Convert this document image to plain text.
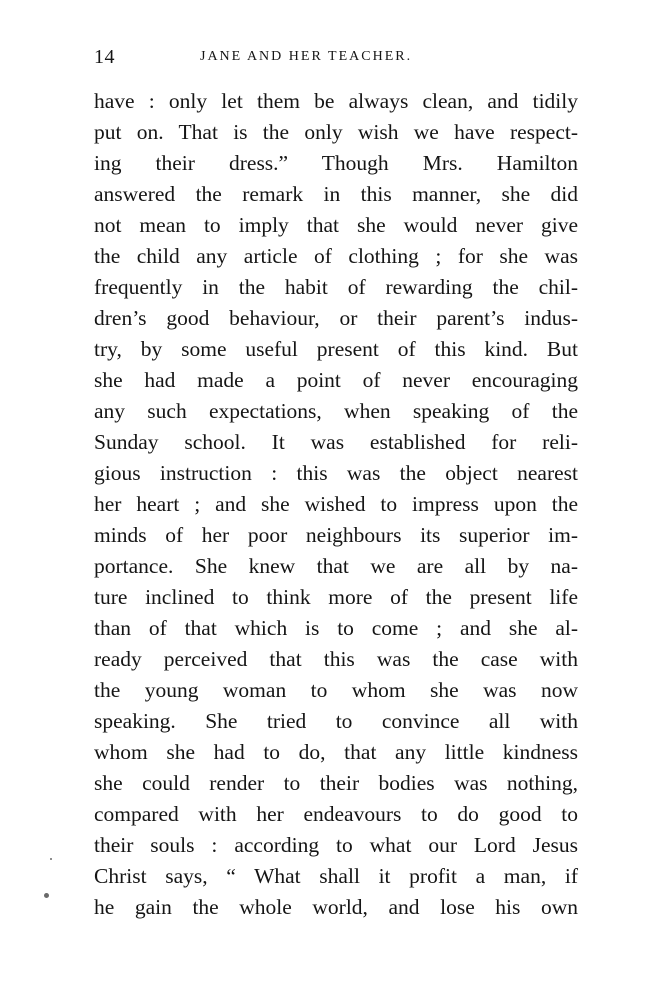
14	JANE AND HER TEACHER.
have : only let them be always clean, and tidily
put on. That is the only wish we have respect-
ing their dress.” Though Mrs. Hamilton
answered the remark in this manner, she did
not mean to imply that she would never give
the child any article of clothing ; for she was
frequently in the habit of rewarding the chil-
dren’s good behaviour, or their parent’s indus-
try, by some useful present of this kind. But
she had made a point of never encouraging
any such expectations, when speaking of the
Sunday school. It was established for reli-
gious instruction : this was the object nearest
her heart ; and she wished to impress upon the
minds of her poor neighbours its superior im-
portance. She knew that we are all by na-
ture inclined to think more of the present life
than of that which is to come ; and she al-
ready perceived that this was the case with
the young woman to whom she was now
speaking. She tried to convince all with
whom she had to do, that any little kindness
she could render to their bodies was nothing,
compared with her endeavours to do good to
their souls : according to what our Lord Jesus
Christ says, “ What shall it profit a man, if
he gain the whole world, and lose his own
